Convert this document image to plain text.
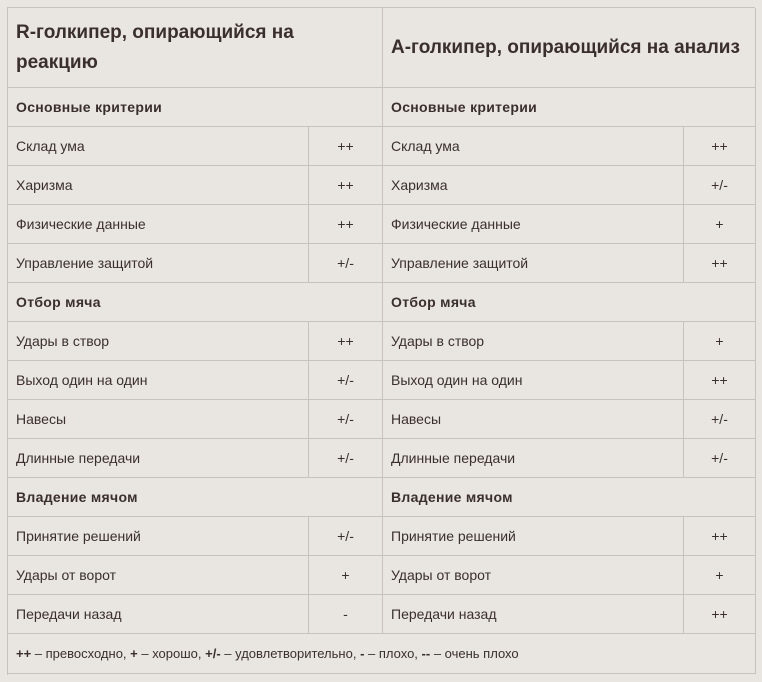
R-голкипер, опирающийся на реакцию
А-голкипер, опирающийся на анализ
Основные критерии	Основные критерии
Склад ума	++	Склад ума	++
Харизма	++	Харизма	+/-
Физические данные	++	Физические данные	+
Управление защитой	+/-	Управление защитой	++
Отбор мяча	Отбор мяча
Удары в створ	++	Удары в створ	+
Выход один на один	+/-	Выход один на один	++
Навесы	+/-	Навесы	+/-
Длинные передачи	+/-	Длинные передачи	+/-
Владение мячом	Владение мячом
Принятие решений	+/-	Принятие решений	++
Удары от ворот	+	Удары от ворот	+
Передачи назад	-	Передачи назад	++
++ – превосходно, + – хорошо, +/- – удовлетворительно, - – плохо, -- – очень плохо
